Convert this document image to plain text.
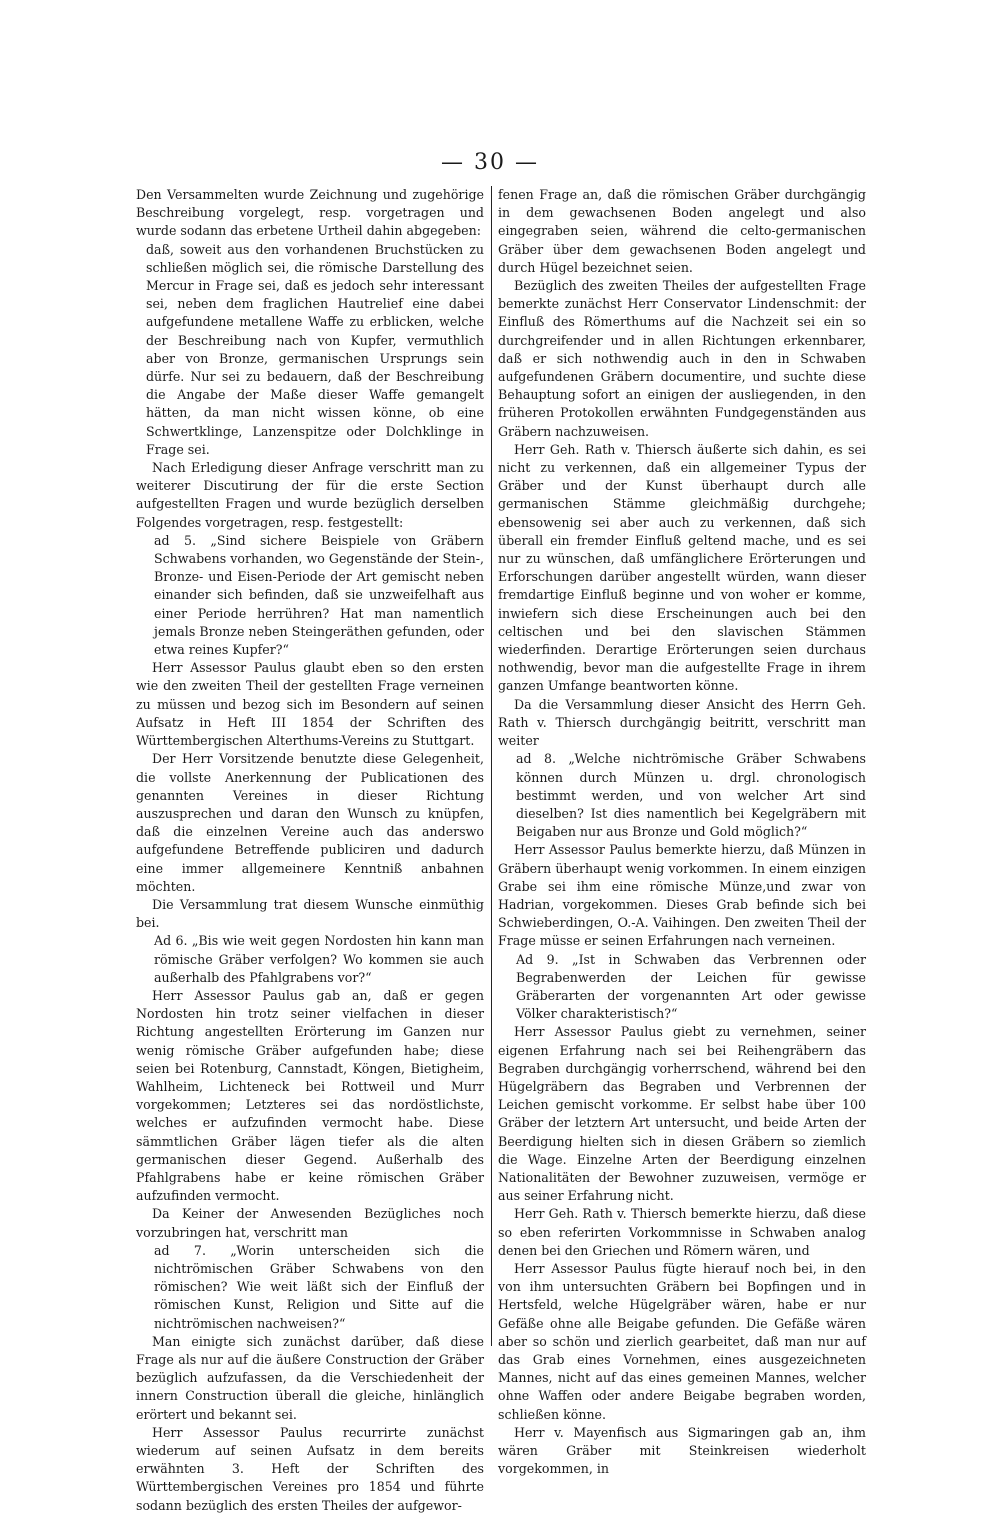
— 30 —

Den Versammelten wurde Zeichnung und zugehörige Beschreibung vorgelegt, resp. vorgetragen und wurde sodann das erbetene Urtheil dahin abgegeben:

daß, soweit aus den vorhandenen Bruchstücken zu schließen möglich sei, die römische Darstellung des Mercur in Frage sei, daß es jedoch sehr interessant sei, neben dem fraglichen Hautrelief eine dabei aufgefundene metallene Waffe zu erblicken, welche der Beschreibung nach von Kupfer, vermuthlich aber von Bronze, germanischen Ursprungs sein dürfe. Nur sei zu bedauern, daß der Beschreibung die Angabe der Maße dieser Waffe gemangelt hätten, da man nicht wissen könne, ob eine Schwertklinge, Lanzenspitze oder Dolchklinge in Frage sei.

Nach Erledigung dieser Anfrage verschritt man zu weiterer Discutirung der für die erste Section aufgestellten Fragen und wurde bezüglich derselben Folgendes vorgetragen, resp. festgestellt:

ad 5. „Sind sichere Beispiele von Gräbern Schwabens vorhanden, wo Gegenstände der Stein-, Bronze- und Eisen-Periode der Art gemischt neben einander sich befinden, daß sie unzweifelhaft aus einer Periode herrühren? Hat man namentlich jemals Bronze neben Steingeräthen gefunden, oder etwa reines Kupfer?“

Herr Assessor Paulus glaubt eben so den ersten wie den zweiten Theil der gestellten Frage verneinen zu müssen und bezog sich im Besondern auf seinen Aufsatz in Heft III 1854 der Schriften des Württembergischen Alterthums-Vereins zu Stuttgart.

Der Herr Vorsitzende benutzte diese Gelegenheit, die vollste Anerkennung der Publicationen des genannten Vereines in dieser Richtung auszusprechen und daran den Wunsch zu knüpfen, daß die einzelnen Vereine auch das anderswo aufgefundene Betreffende publiciren und dadurch eine immer allgemeinere Kenntniß anbahnen möchten.

Die Versammlung trat diesem Wunsche einmüthig bei.

Ad 6. „Bis wie weit gegen Nordosten hin kann man römische Gräber verfolgen? Wo kommen sie auch außerhalb des Pfahlgrabens vor?“

Herr Assessor Paulus gab an, daß er gegen Nordosten hin trotz seiner vielfachen in dieser Richtung angestellten Erörterung im Ganzen nur wenig römische Gräber aufgefunden habe; diese seien bei Rotenburg, Cannstadt, Köngen, Bietigheim, Wahlheim, Lichteneck bei Rottweil und Murr vorgekommen; Letzteres sei das nordöstlichste, welches er aufzufinden vermocht habe. Diese sämmtlichen Gräber lägen tiefer als die alten germanischen dieser Gegend. Außerhalb des Pfahlgrabens habe er keine römischen Gräber aufzufinden vermocht.

Da Keiner der Anwesenden Bezügliches noch vorzubringen hat, verschritt man

ad 7. „Worin unterscheiden sich die nichtrömischen Gräber Schwabens von den römischen? Wie weit läßt sich der Einfluß der römischen Kunst, Religion und Sitte auf die nichtrömischen nachweisen?“

Man einigte sich zunächst darüber, daß diese Frage als nur auf die äußere Construction der Gräber bezüglich aufzufassen, da die Verschiedenheit der innern Construction überall die gleiche, hinlänglich erörtert und bekannt sei.

Herr Assessor Paulus recurrirte zunächst wiederum auf seinen Aufsatz in dem bereits erwähnten 3. Heft der Schriften des Württembergischen Vereines pro 1854 und führte sodann bezüglich des ersten Theiles der aufgewor-

fenen Frage an, daß die römischen Gräber durchgängig in dem gewachsenen Boden angelegt und also eingegraben seien, während die celto-germanischen Gräber über dem gewachsenen Boden angelegt und durch Hügel bezeichnet seien.

Bezüglich des zweiten Theiles der aufgestellten Frage bemerkte zunächst Herr Conservator Lindenschmit: der Einfluß des Römerthums auf die Nachzeit sei ein so durchgreifender und in allen Richtungen erkennbarer, daß er sich nothwendig auch in den in Schwaben aufgefundenen Gräbern documentire, und suchte diese Behauptung sofort an einigen der ausliegenden, in den früheren Protokollen erwähnten Fundgegenständen aus Gräbern nachzuweisen.

Herr Geh. Rath v. Thiersch äußerte sich dahin, es sei nicht zu verkennen, daß ein allgemeiner Typus der Gräber und der Kunst überhaupt durch alle germanischen Stämme gleichmäßig durchgehe; ebensowenig sei aber auch zu verkennen, daß sich überall ein fremder Einfluß geltend mache, und es sei nur zu wünschen, daß umfänglichere Erörterungen und Erforschungen darüber angestellt würden, wann dieser fremdartige Einfluß beginne und von woher er komme, inwiefern sich diese Erscheinungen auch bei den celtischen und bei den slavischen Stämmen wiederfinden. Derartige Erörterungen seien durchaus nothwendig, bevor man die aufgestellte Frage in ihrem ganzen Umfange beantworten könne.

Da die Versammlung dieser Ansicht des Herrn Geh. Rath v. Thiersch durchgängig beitritt, verschritt man weiter

ad 8. „Welche nichtrömische Gräber Schwabens können durch Münzen u. drgl. chronologisch bestimmt werden, und von welcher Art sind dieselben? Ist dies namentlich bei Kegelgräbern mit Beigaben nur aus Bronze und Gold möglich?“

Herr Assessor Paulus bemerkte hierzu, daß Münzen in Gräbern überhaupt wenig vorkommen. In einem einzigen Grabe sei ihm eine römische Münze,und zwar von Hadrian, vorgekommen. Dieses Grab befinde sich bei Schwieberdingen, O.-A. Vaihingen. Den zweiten Theil der Frage müsse er seinen Erfahrungen nach verneinen.

Ad 9. „Ist in Schwaben das Verbrennen oder Begrabenwerden der Leichen für gewisse Gräberarten der vorgenannten Art oder gewisse Völker charakteristisch?“

Herr Assessor Paulus giebt zu vernehmen, seiner eigenen Erfahrung nach sei bei Reihengräbern das Begraben durchgängig vorherrschend, während bei den Hügelgräbern das Begraben und Verbrennen der Leichen gemischt vorkomme. Er selbst habe über 100 Gräber der letztern Art untersucht, und beide Arten der Beerdigung hielten sich in diesen Gräbern so ziemlich die Wage. Einzelne Arten der Beerdigung einzelnen Nationalitäten der Bewohner zuzuweisen, vermöge er aus seiner Erfahrung nicht.

Herr Geh. Rath v. Thiersch bemerkte hierzu, daß diese so eben referirten Vorkommnisse in Schwaben analog denen bei den Griechen und Römern wären, und

Herr Assessor Paulus fügte hierauf noch bei, in den von ihm untersuchten Gräbern bei Bopfingen und in Hertsfeld, welche Hügelgräber wären, habe er nur Gefäße ohne alle Beigabe gefunden. Die Gefäße wären aber so schön und zierlich gearbeitet, daß man nur auf das Grab eines Vornehmen, eines ausgezeichneten Mannes, nicht auf das eines gemeinen Mannes, welcher ohne Waffen oder andere Beigabe begraben worden, schließen könne.

Herr v. Mayenfisch aus Sigmaringen gab an, ihm wären Gräber mit Steinkreisen wiederholt vorgekommen, in
